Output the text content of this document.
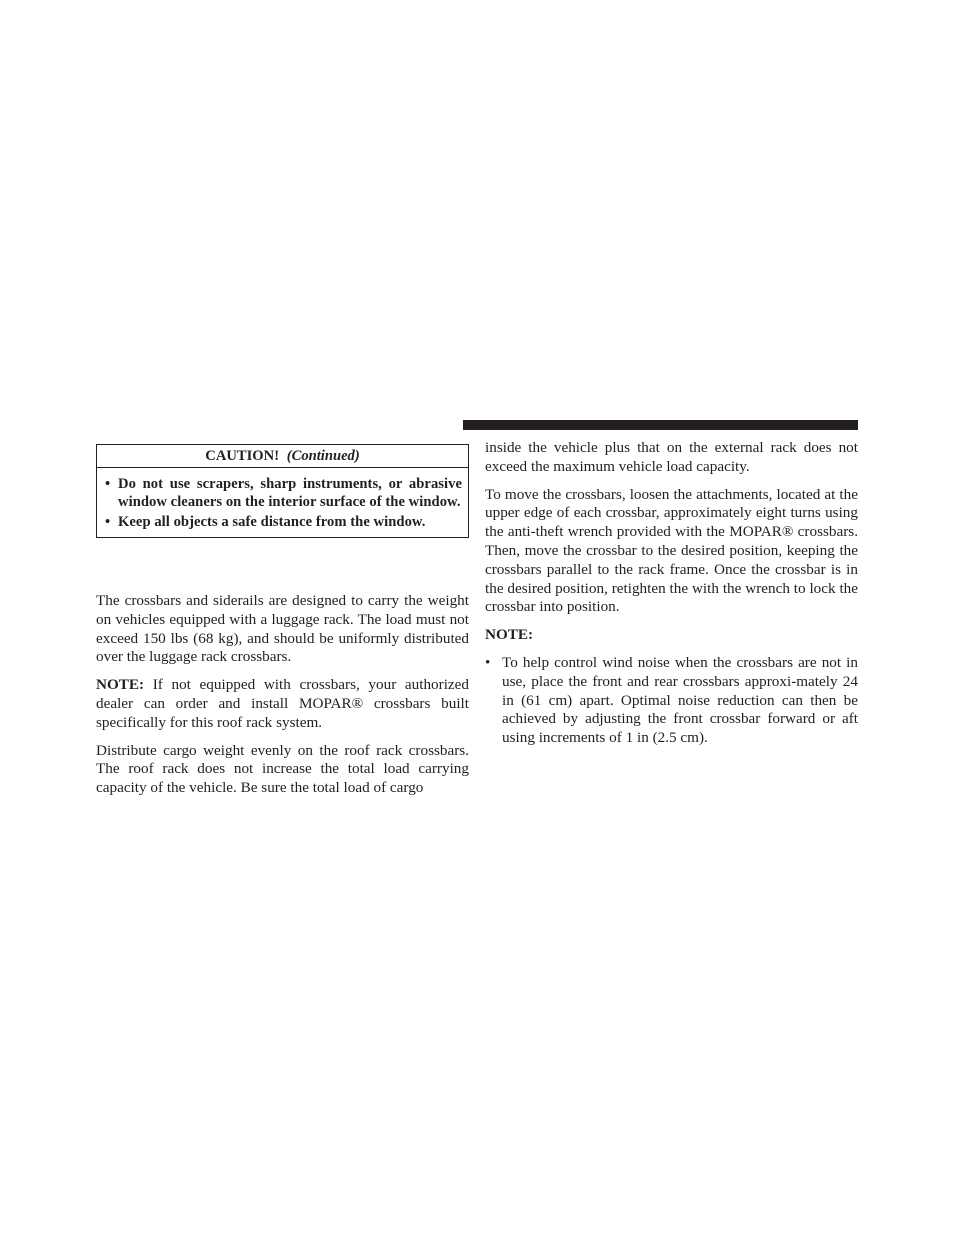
CAUTION! (Continued)
• Do not use scrapers, sharp instruments, or abrasive window cleaners on the interior surface of the window.
• Keep all objects a safe distance from the window.

The crossbars and siderails are designed to carry the weight on vehicles equipped with a luggage rack. The load must not exceed 150 lbs (68 kg), and should be uniformly distributed over the luggage rack crossbars.

NOTE: If not equipped with crossbars, your authorized dealer can order and install MOPAR® crossbars built specifically for this roof rack system.

Distribute cargo weight evenly on the roof rack crossbars. The roof rack does not increase the total load carrying capacity of the vehicle. Be sure the total load of cargo

inside the vehicle plus that on the external rack does not exceed the maximum vehicle load capacity.

To move the crossbars, loosen the attachments, located at the upper edge of each crossbar, approximately eight turns using the anti-theft wrench provided with the MOPAR® crossbars. Then, move the crossbar to the desired position, keeping the crossbars parallel to the rack frame. Once the crossbar is in the desired position, retighten the with the wrench to lock the crossbar into position.

NOTE:

• To help control wind noise when the crossbars are not in use, place the front and rear crossbars approxi-mately 24 in (61 cm) apart. Optimal noise reduction can then be achieved by adjusting the front crossbar forward or aft using increments of 1 in (2.5 cm).
